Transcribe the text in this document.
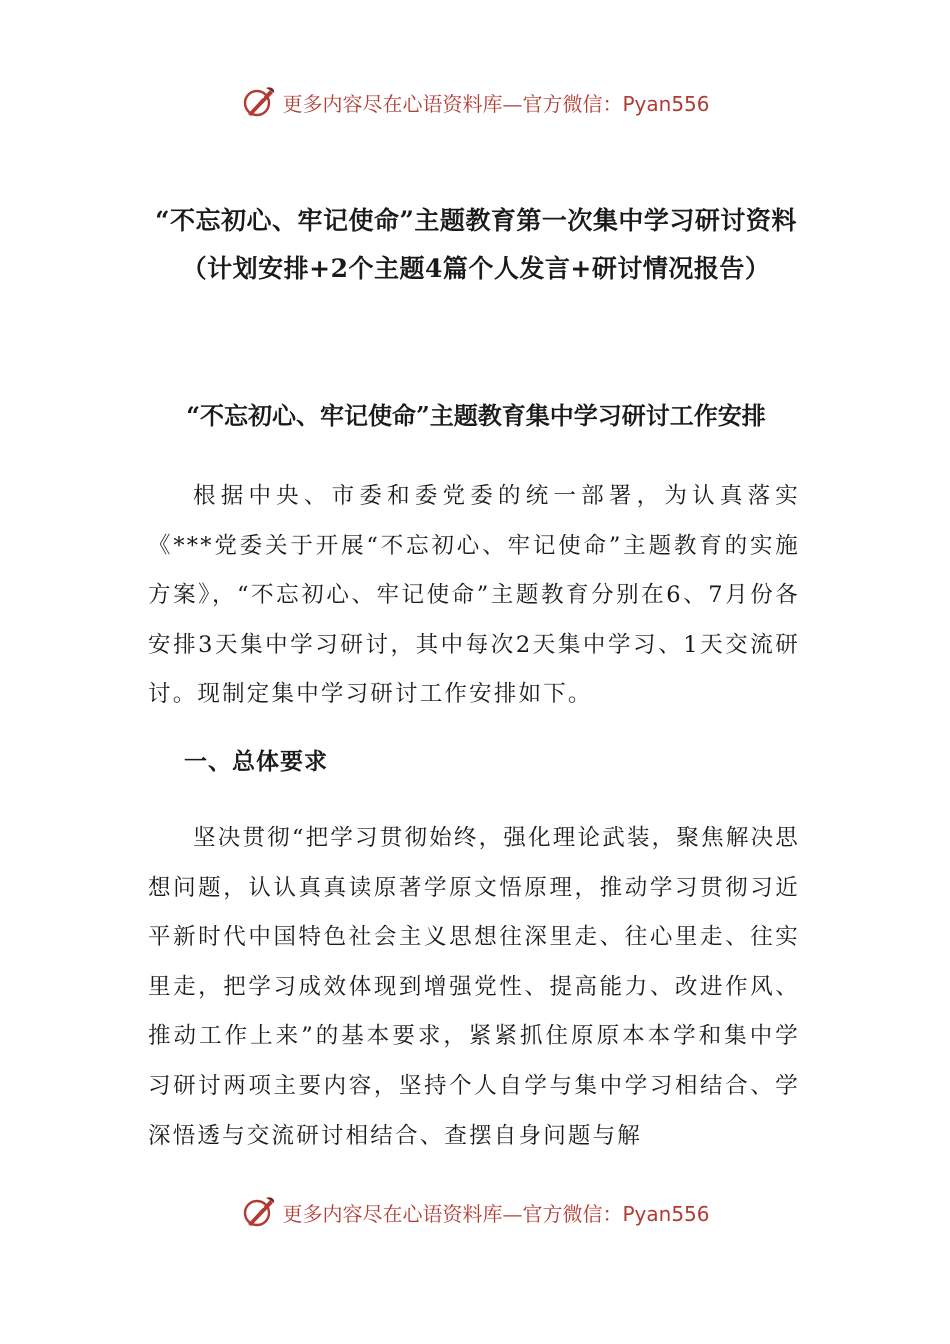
更多内容尽在心语资料库—官方微信：Pyan556
“不忘初心、牢记使命”主题教育第一次集中学习研讨资料（计划安排+2个主题4篇个人发言+研讨情况报告）
“不忘初心、牢记使命”主题教育集中学习研讨工作安排
根据中央、市委和委党委的统一部署，为认真落实《***党委关于开展“不忘初心、牢记使命”主题教育的实施方案》，“不忘初心、牢记使命”主题教育分别在6、7月份各安排3天集中学习研讨，其中每次2天集中学习、1天交流研讨。现制定集中学习研讨工作安排如下。
一、总体要求
坚决贯彻“把学习贯彻始终，强化理论武装，聚焦解决思想问题，认认真真读原著学原文悟原理，推动学习贯彻习近平新时代中国特色社会主义思想往深里走、往心里走、往实里走，把学习成效体现到增强党性、提高能力、改进作风、推动工作上来”的基本要求，紧紧抓住原原本本学和集中学习研讨两项主要内容，坚持个人自学与集中学习相结合、学深悟透与交流研讨相结合、查摆自身问题与解
更多内容尽在心语资料库—官方微信：Pyan556
